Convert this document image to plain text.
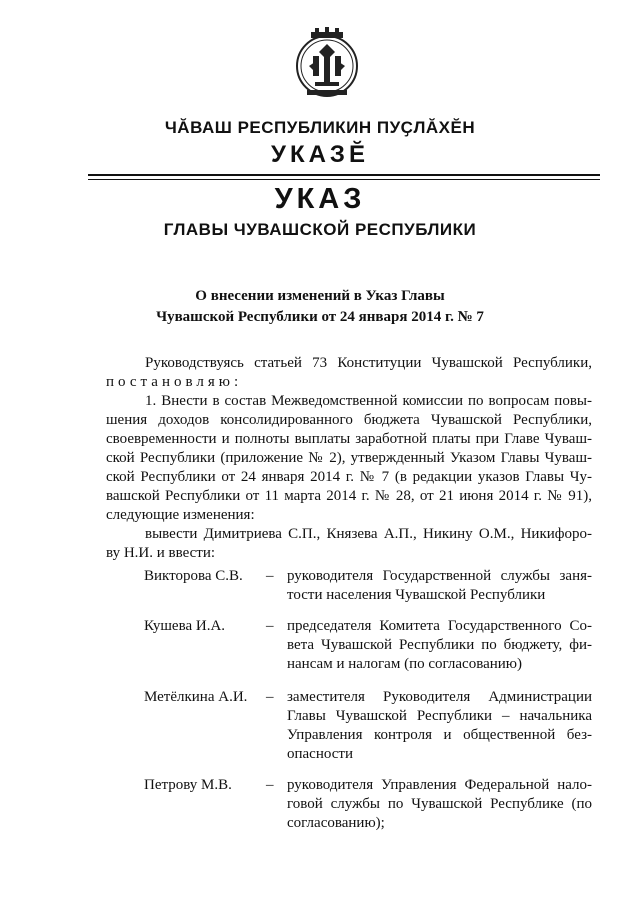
ЧӐВАШ РЕСПУБЛИКИН ПУҪЛӐХӖН
УКАЗӖ
УКАЗ
ГЛАВЫ ЧУВАШСКОЙ РЕСПУБЛИКИ
О внесении изменений в Указ Главы
Чувашской Республики от 24 января 2014 г. № 7
Руководствуясь статьей 73 Конституции Чувашской Республики,
постановляю:
1. Внести в состав Межведомственной комиссии по вопросам повы-
шения доходов консолидированного бюджета Чувашской Республики,
своевременности и полноты выплаты заработной платы при Главе Чуваш-
ской Республики (приложение № 2), утвержденный Указом Главы Чуваш-
ской Республики от 24 января 2014 г. № 7 (в редакции указов Главы Чу-
вашской Республики от 11 марта 2014 г. № 28, от 21 июня 2014 г. № 91),
следующие изменения:
вывести Димитриева С.П., Князева А.П., Никину О.М., Никифоро-
ву Н.И. и ввести:
Викторова С.В.	– руководителя Государственной службы заня-
тости населения Чувашской Республики
Кушева И.А.	– председателя Комитета Государственного Со-
вета Чувашской Республики по бюджету, фи-
нансам и налогам (по согласованию)
Метёлкина А.И.	– заместителя Руководителя Администрации
Главы Чувашской Республики – начальника
Управления контроля и общественной без-
опасности
Петрову М.В.	– руководителя Управления Федеральной нало-
говой службы по Чувашской Республике (по
согласованию);
